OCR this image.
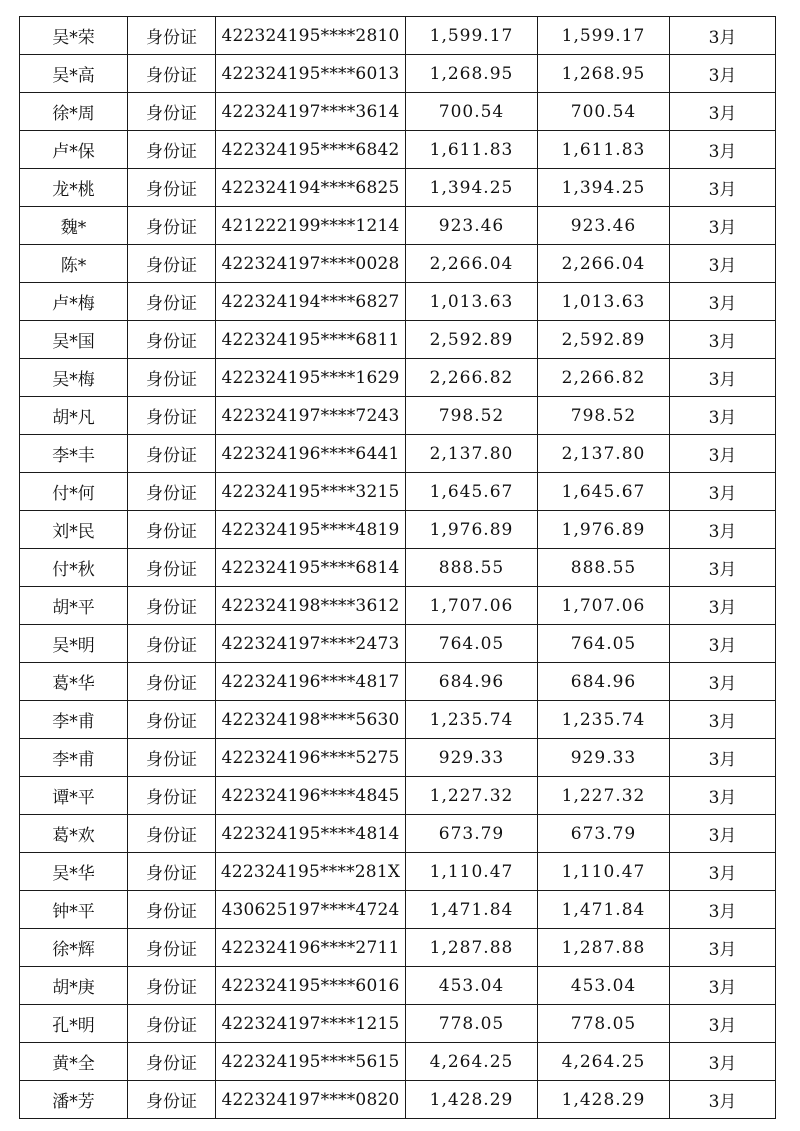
吴*荣	身份证	422324195****2810	1,599.17	1,599.17	3月
吴*高	身份证	422324195****6013	1,268.95	1,268.95	3月
徐*周	身份证	422324197****3614	700.54	700.54	3月
卢*保	身份证	422324195****6842	1,611.83	1,611.83	3月
龙*桃	身份证	422324194****6825	1,394.25	1,394.25	3月
魏*	身份证	421222199****1214	923.46	923.46	3月
陈*	身份证	422324197****0028	2,266.04	2,266.04	3月
卢*梅	身份证	422324194****6827	1,013.63	1,013.63	3月
吴*国	身份证	422324195****6811	2,592.89	2,592.89	3月
吴*梅	身份证	422324195****1629	2,266.82	2,266.82	3月
胡*凡	身份证	422324197****7243	798.52	798.52	3月
李*丰	身份证	422324196****6441	2,137.80	2,137.80	3月
付*何	身份证	422324195****3215	1,645.67	1,645.67	3月
刘*民	身份证	422324195****4819	1,976.89	1,976.89	3月
付*秋	身份证	422324195****6814	888.55	888.55	3月
胡*平	身份证	422324198****3612	1,707.06	1,707.06	3月
吴*明	身份证	422324197****2473	764.05	764.05	3月
葛*华	身份证	422324196****4817	684.96	684.96	3月
李*甫	身份证	422324198****5630	1,235.74	1,235.74	3月
李*甫	身份证	422324196****5275	929.33	929.33	3月
谭*平	身份证	422324196****4845	1,227.32	1,227.32	3月
葛*欢	身份证	422324195****4814	673.79	673.79	3月
吴*华	身份证	422324195****281X	1,110.47	1,110.47	3月
钟*平	身份证	430625197****4724	1,471.84	1,471.84	3月
徐*辉	身份证	422324196****2711	1,287.88	1,287.88	3月
胡*庚	身份证	422324195****6016	453.04	453.04	3月
孔*明	身份证	422324197****1215	778.05	778.05	3月
黄*全	身份证	422324195****5615	4,264.25	4,264.25	3月
潘*芳	身份证	422324197****0820	1,428.29	1,428.29	3月
